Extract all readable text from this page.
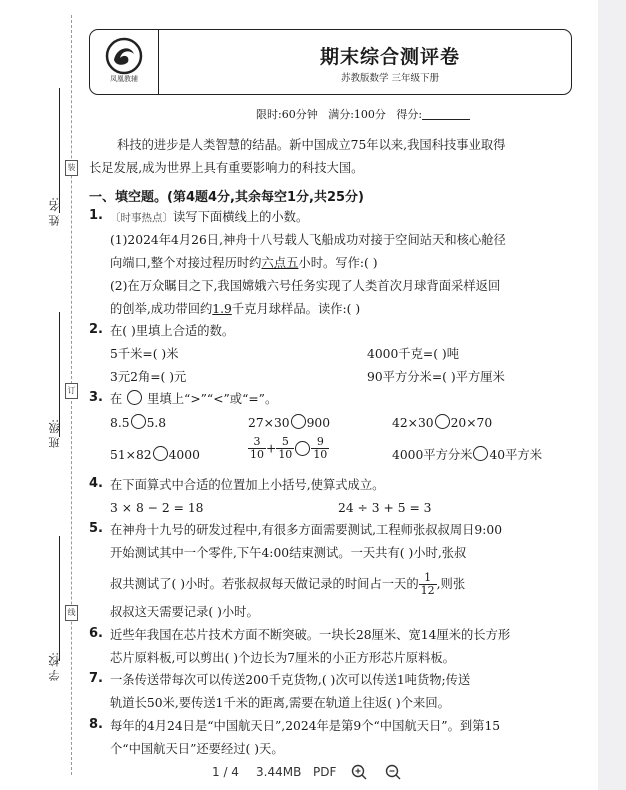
姓 名:
班 级:
学 校:
装
订
线
凤凰教辅
期末综合测评卷
苏教版数学 三年级下册
限时:60分钟 满分:100分 得分:
科技的进步是人类智慧的结晶。新中国成立75年以来,我国科技事业取得
长足发展,成为世界上具有重要影响力的科技大国。
一、填空题。(第4题4分,其余每空1分,共25分)
1. 〔时事热点〕读写下面横线上的小数。
(1)2024年4月26日,神舟十八号载人飞船成功对接于空间站天和核心舱径
向端口,整个对接过程历时约六点五小时。写作:( )
(2)在万众瞩目之下,我国嫦娥六号任务实现了人类首次月球背面采样返回
的创举,成功带回约1.9千克月球样品。读作:( )
2. 在( )里填上合适的数。
5千米=( )米	4000千克=( )吨
3元2角=( )元	90平方分米=( )平方厘米
3. 在 里填上“>”“<”或“=”。
8.5 5.8	27×30 900	42×30 20×70
51×82 4000	$\frac{3}{10} + \frac{5}{10} \frac{9}{10}$	4000平方分米 40平方米
4. 在下面算式中合适的位置加上小括号,使算式成立。
3 × 8 − 2 = 18	24 ÷ 3 + 5 = 3
5. 在神舟十九号的研发过程中,有很多方面需要测试,工程师张叔叔周日9:00
开始测试其中一个零件,下午4:00结束测试。一天共有( )小时,张叔
叔共测试了( )小时。若张叔叔每天做记录的时间占一天的 $\frac{1}{12}$ ,则张
叔叔这天需要记录( )小时。
6. 近些年我国在芯片技术方面不断突破。一块长28厘米、宽14厘米的长方形
芯片原料板,可以剪出( )个边长为7厘米的小正方形芯片原料板。
7. 一条传送带每次可以传送200千克货物,( )次可以传送1吨货物;传送
轨道长50米,要传送1千米的距离,需要在轨道上往返( )个来回。
8. 每年的4月24日是“中国航天日”,2024年是第9个“中国航天日”。到第15
个“中国航天日”还要经过( )天。
1 / 4 3.44MB PDF
